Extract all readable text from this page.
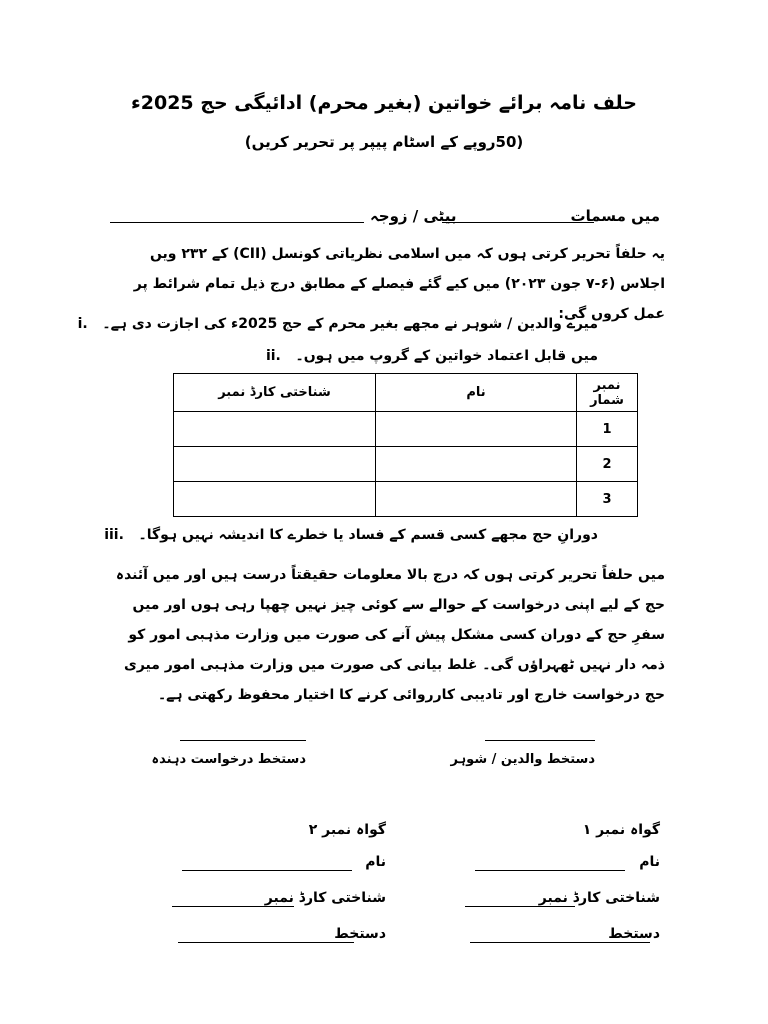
حلف نامہ برائے خواتین (بغیر محرم) ادائیگی حج 2025ء
(50روپے کے اسٹام پیپر پر تحریر کریں)
میں مسمات
بیٹی / زوجہ
یہ حلفاً تحریر کرتی ہوں کہ میں اسلامی نظریاتی کونسل (CII) کے ۲۳۲ ویں اجلاس (۶-۷ جون ۲۰۲۳) میں کیے گئے فیصلے کے مطابق درج ذیل تمام شرائط پر عمل کروں گی:
i. میرے والدین / شوہر نے مجھے بغیر محرم کے حج 2025ء کی اجازت دی ہے۔
ii. میں قابل اعتماد خواتین کے گروپ میں ہوں۔
نمبر شمار	نام	شناختی کارڈ نمبر
1		
2		
3		
iii. دورانِ حج مجھے کسی قسم کے فساد یا خطرے کا اندیشہ نہیں ہوگا۔
میں حلفاً تحریر کرتی ہوں کہ درج بالا معلومات حقیقتاً درست ہیں اور میں آئندہ حج کے لیے اپنی درخواست کے حوالے سے کوئی چیز نہیں چھپا رہی ہوں اور میں سفرِ حج کے دوران کسی مشکل پیش آنے کی صورت میں وزارت مذہبی امور کو ذمہ دار نہیں ٹھہراؤں گی۔ غلط بیانی کی صورت میں وزارت مذہبی امور میری حج درخواست خارج اور تادیبی کارروائی کرنے کا اختیار محفوظ رکھتی ہے۔
دستخط والدین / شوہر
دستخط درخواست دہندہ
گواہ نمبر ۱
گواہ نمبر ۲
نام
نام
شناختی کارڈ نمبر
شناختی کارڈ نمبر
دستخط
دستخط
